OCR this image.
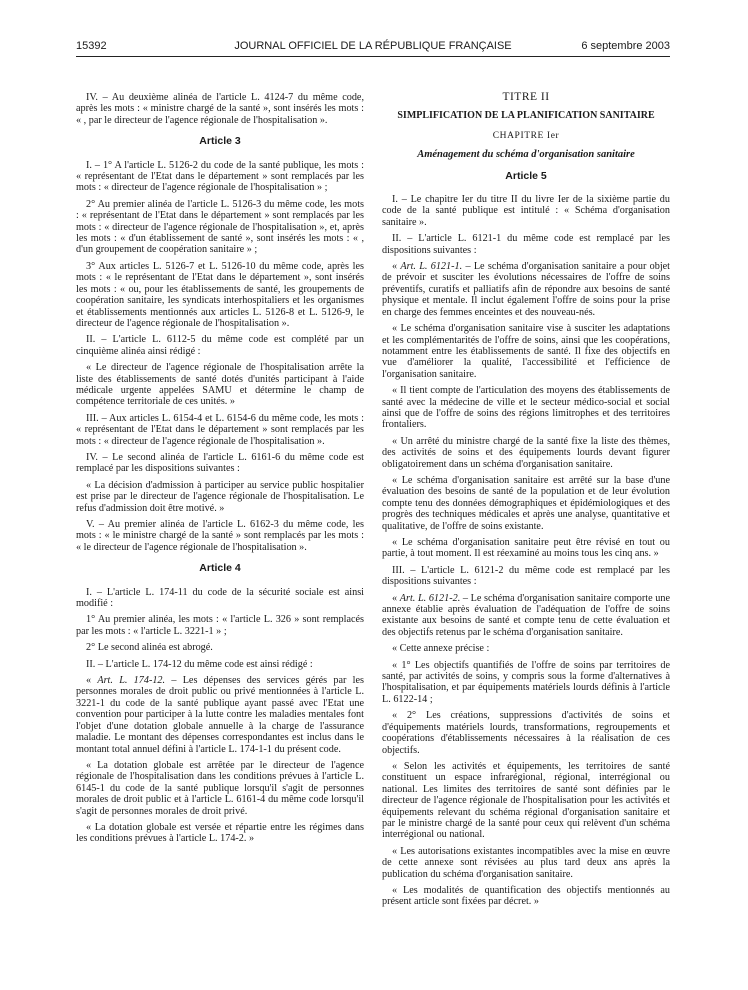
15392	JOURNAL OFFICIEL DE LA RÉPUBLIQUE FRANÇAISE	6 septembre 2003

IV. – Au deuxième alinéa de l'article L. 4124-7 du même code, après les mots : « ministre chargé de la santé », sont insérés les mots : « , par le directeur de l'agence régionale de l'hospitalisation ».

Article 3

I. – 1° A l'article L. 5126-2 du code de la santé publique, les mots : « représentant de l'Etat dans le département » sont remplacés par les mots : « directeur de l'agence régionale de l'hospitalisation » ;

2° Au premier alinéa de l'article L. 5126-3 du même code, les mots : « représentant de l'Etat dans le département » sont remplacés par les mots : « directeur de l'agence régionale de l'hospitalisation », et, après les mots : « d'un établissement de santé », sont insérés les mots : « , d'un groupement de coopération sanitaire » ;

3° Aux articles L. 5126-7 et L. 5126-10 du même code, après les mots : « le représentant de l'Etat dans le département », sont insérés les mots : « ou, pour les établissements de santé, les groupements de coopération sanitaire, les syndicats interhospitaliers et les organismes et établissements mentionnés aux articles L. 5126-8 et L. 5126-9, le directeur de l'agence régionale de l'hospitalisation ».

II. – L'article L. 6112-5 du même code est complété par un cinquième alinéa ainsi rédigé :

« Le directeur de l'agence régionale de l'hospitalisation arrête la liste des établissements de santé dotés d'unités participant à l'aide médicale urgente appelées SAMU et détermine le champ de compétence territoriale de ces unités. »

III. – Aux articles L. 6154-4 et L. 6154-6 du même code, les mots : « représentant de l'Etat dans le département » sont remplacés par les mots : « directeur de l'agence régionale de l'hospitalisation ».

IV. – Le second alinéa de l'article L. 6161-6 du même code est remplacé par les dispositions suivantes :

« La décision d'admission à participer au service public hospitalier est prise par le directeur de l'agence régionale de l'hospitalisation. Le refus d'admission doit être motivé. »

V. – Au premier alinéa de l'article L. 6162-3 du même code, les mots : « le ministre chargé de la santé » sont remplacés par les mots : « le directeur de l'agence régionale de l'hospitalisation ».

Article 4

I. – L'article L. 174-11 du code de la sécurité sociale est ainsi modifié :

1° Au premier alinéa, les mots : « l'article L. 326 » sont remplacés par les mots : « l'article L. 3221-1 » ;

2° Le second alinéa est abrogé.

II. – L'article L. 174-12 du même code est ainsi rédigé :

« Art. L. 174-12. – Les dépenses des services gérés par les personnes morales de droit public ou privé mentionnées à l'article L. 3221-1 du code de la santé publique ayant passé avec l'Etat une convention pour participer à la lutte contre les maladies mentales font l'objet d'une dotation globale annuelle à la charge de l'assurance maladie. Le montant des dépenses correspondantes est inclus dans le montant total annuel défini à l'article L. 174-1-1 du présent code.

« La dotation globale est arrêtée par le directeur de l'agence régionale de l'hospitalisation dans les conditions prévues à l'article L. 6145-1 du code de la santé publique lorsqu'il s'agit de personnes morales de droit public et à l'article L. 6161-4 du même code lorsqu'il s'agit de personnes morales de droit privé.

« La dotation globale est versée et répartie entre les régimes dans les conditions prévues à l'article L. 174-2. »

TITRE II
SIMPLIFICATION DE LA PLANIFICATION SANITAIRE
CHAPITRE Ier
Aménagement du schéma d'organisation sanitaire
Article 5

I. – Le chapitre Ier du titre II du livre Ier de la sixième partie du code de la santé publique est intitulé : « Schéma d'organisation sanitaire ».

II. – L'article L. 6121-1 du même code est remplacé par les dispositions suivantes :

« Art. L. 6121-1. – Le schéma d'organisation sanitaire a pour objet de prévoir et susciter les évolutions nécessaires de l'offre de soins préventifs, curatifs et palliatifs afin de répondre aux besoins de santé physique et mentale. Il inclut également l'offre de soins pour la prise en charge des femmes enceintes et des nouveau-nés.

« Le schéma d'organisation sanitaire vise à susciter les adaptations et les complémentarités de l'offre de soins, ainsi que les coopérations, notamment entre les établissements de santé. Il fixe des objectifs en vue d'améliorer la qualité, l'accessibilité et l'efficience de l'organisation sanitaire.

« Il tient compte de l'articulation des moyens des établissements de santé avec la médecine de ville et le secteur médico-social et social ainsi que de l'offre de soins des régions limitrophes et des territoires frontaliers.

« Un arrêté du ministre chargé de la santé fixe la liste des thèmes, des activités de soins et des équipements lourds devant figurer obligatoirement dans un schéma d'organisation sanitaire.

« Le schéma d'organisation sanitaire est arrêté sur la base d'une évaluation des besoins de santé de la population et de leur évolution compte tenu des données démographiques et épidémiologiques et des progrès des techniques médicales et après une analyse, quantitative et qualitative, de l'offre de soins existante.

« Le schéma d'organisation sanitaire peut être révisé en tout ou partie, à tout moment. Il est réexaminé au moins tous les cinq ans. »

III. – L'article L. 6121-2 du même code est remplacé par les dispositions suivantes :

« Art. L. 6121-2. – Le schéma d'organisation sanitaire comporte une annexe établie après évaluation de l'adéquation de l'offre de soins existante aux besoins de santé et compte tenu de cette évaluation et des objectifs retenus par le schéma d'organisation sanitaire.

« Cette annexe précise :

« 1° Les objectifs quantifiés de l'offre de soins par territoires de santé, par activités de soins, y compris sous la forme d'alternatives à l'hospitalisation, et par équipements matériels lourds définis à l'article L. 6122-14 ;

« 2° Les créations, suppressions d'activités de soins et d'équipements matériels lourds, transformations, regroupements et coopérations d'établissements nécessaires à la réalisation de ces objectifs.

« Selon les activités et équipements, les territoires de santé constituent un espace infrarégional, régional, interrégional ou national. Les limites des territoires de santé sont définies par le directeur de l'agence régionale de l'hospitalisation pour les activités et équipements relevant du schéma régional d'organisation sanitaire et par le ministre chargé de la santé pour ceux qui relèvent d'un schéma interrégional ou national.

« Les autorisations existantes incompatibles avec la mise en œuvre de cette annexe sont révisées au plus tard deux ans après la publication du schéma d'organisation sanitaire.

« Les modalités de quantification des objectifs mentionnés au présent article sont fixées par décret. »
